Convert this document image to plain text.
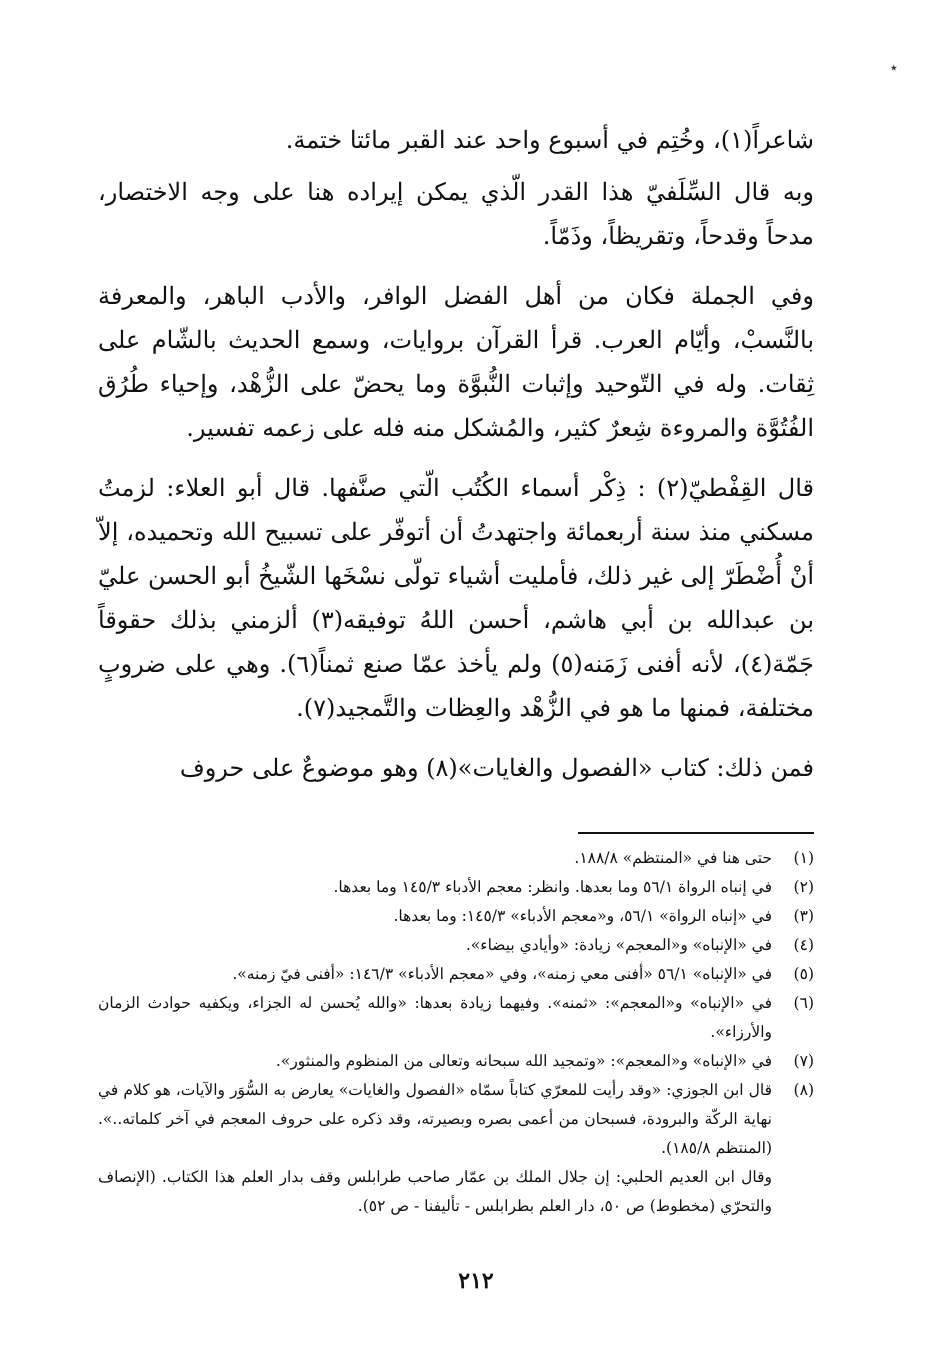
٭

شاعراً(١)، وخُتِم في أسبوع واحد عند القبر مائتا ختمة.

وبه قال السِّلَفيّ هذا القدر الّذي يمكن إيراده هنا على وجه الاختصار، مدحاً وقدحاً، وتقريظاً، وذَمّاً.

وفي الجملة فكان من أهل الفضل الوافر، والأدب الباهر، والمعرفة بالنَّسبْ، وأيّام العرب. قرأ القرآن بروايات، وسمع الحديث بالشّام على ثِقات. وله في التّوحيد وإثبات النُّبوَّة وما يحضّ على الزُّهْد، وإحياء طُرُق الفُتُوَّة والمروءة شِعرٌ كثير، والمُشكل منه فله على زعمه تفسير.

قال القِفْطيّ(٢) : ذِكْر أسماء الكُتُب الّتي صنَّفها. قال أبو العلاء: لزمتُ مسكني منذ سنة أربعمائة واجتهدتُ أن أتوفّر على تسبيح الله وتحميده، إلاّ أنْ أُضْطَرّ إلى غير ذلك، فأمليت أشياء تولّى نسْخَها الشّيخُ أبو الحسن عليّ بن عبدالله بن أبي هاشم، أحسن اللهُ توفيقه(٣) ألزمني بذلك حقوقاً جَمّة(٤)، لأنه أفنى زَمَنه(٥) ولم يأخذ عمّا صنع ثمناً(٦). وهي على ضروبٍ مختلفة، فمنها ما هو في الزُّهْد والعِظات والتَّمجيد(٧).

فمن ذلك: كتاب «الفصول والغايات»(٨) وهو موضوعٌ على حروف

(١)
حتى هنا في «المنتظم» ١٨٨/٨.
(٢)
في إنباه الرواة ٥٦/١ وما بعدها. وانظر: معجم الأدباء ١٤٥/٣ وما بعدها.
(٣)
في «إنباه الرواة» ٥٦/١، و«معجم الأدباء» ١٤٥/٣: وما بعدها.
(٤)
في «الإنباه» و«المعجم» زيادة: «وأيادي بيضاء».
(٥)
في «الإنباه» ٥٦/١ «أفنى معي زمنه»، وفي «معجم الأدباء» ١٤٦/٣: «أفنى فيّ زمنه».
(٦)
في «الإنباه» و«المعجم»: «ثمنه». وفيهما زيادة بعدها: «والله يُحسن له الجزاء، ويكفيه حوادث الزمان والأرزاء».
(٧)
في «الإنباه» و«المعجم»: «وتمجيد الله سبحانه وتعالى من المنظوم والمنثور».
(٨)
قال ابن الجوزي: «وقد رأيت للمعرّي كتاباً سمّاه «الفصول والغايات» يعارض به السُّوَر والآيات، هو كلام في نهاية الركّة والبرودة، فسبحان من أعمى بصره وبصيرته، وقد ذكره على حروف المعجم في آخر كلماته..». (المنتظم ١٨٥/٨).
وقال ابن العديم الحلبي: إن جلال الملك بن عمّار صاحب طرابلس وقف بدار العلم هذا الكتاب. (الإنصاف والتحرّي (مخطوط) ص ٥٠، دار العلم بطرابلس - تأليفنا - ص ٥٢).
٢١٢
